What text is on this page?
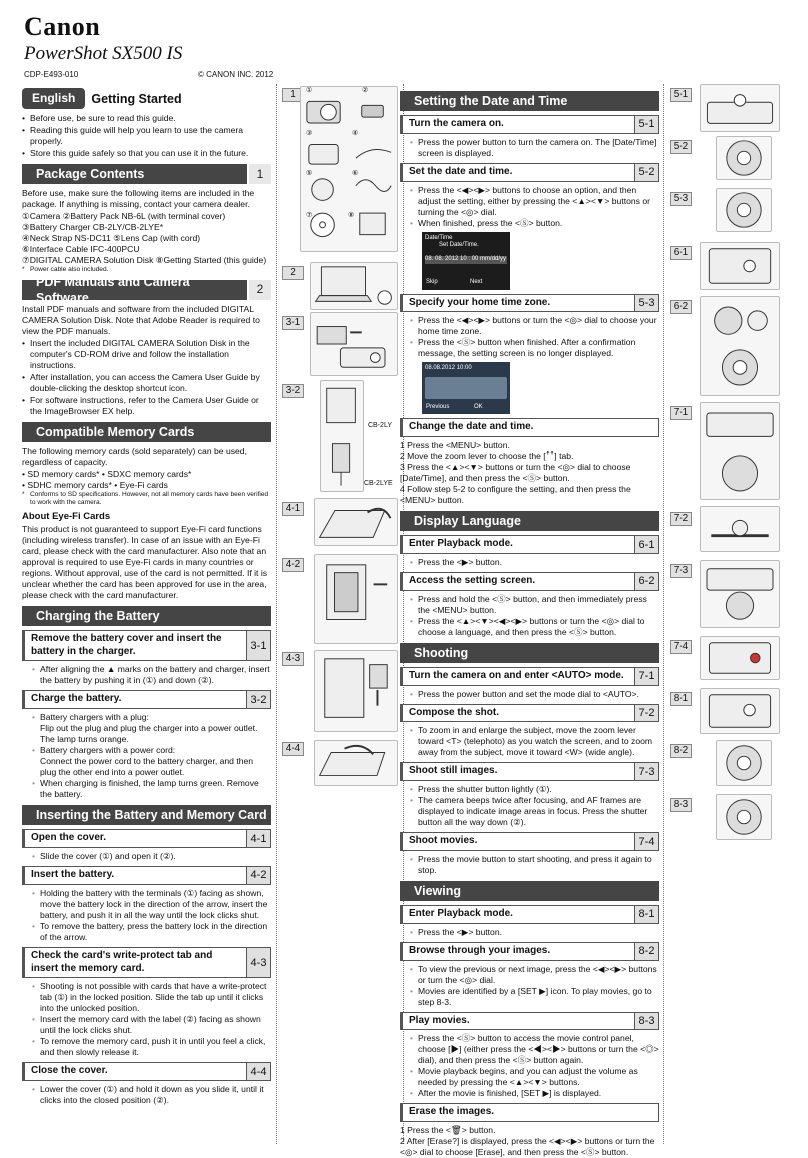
Canon
PowerShot SX500 IS
CDP-E493-010	© CANON INC. 2012
English	Getting Started
• Before use, be sure to read this guide.
• Reading this guide will help you learn to use the camera properly.
• Store this guide safely so that you can use it in the future.
Package Contents	1
Before use, make sure the following items are included in the package. If anything is missing, contact your camera dealer.
①Camera ②Battery Pack NB-6L (with terminal cover)
③Battery Charger CB-2LY/CB-2LYE*
④Neck Strap NS-DC11 ⑤Lens Cap (with cord)
⑥Interface Cable IFC-400PCU
⑦DIGITAL CAMERA Solution Disk ⑧Getting Started (this guide)
* Power cable also included.
PDF Manuals and Camera Software
2
Install PDF manuals and software from the included DIGITAL CAMERA Solution Disk. Note that Adobe Reader is required to view the PDF manuals.
• Insert the included DIGITAL CAMERA Solution Disk in the computer's CD-ROM drive and follow the installation instructions.
• After installation, you can access the Camera User Guide by double-clicking the desktop shortcut icon.
• For software instructions, refer to the Camera User Guide or the ImageBrowser EX help.
Compatible Memory Cards
The following memory cards (sold separately) can be used, regardless of capacity.
• SD memory cards* • SDXC memory cards*
• SDHC memory cards* • Eye-Fi cards
* Conforms to SD specifications. However, not all memory cards have been verified to work with the camera.
About Eye-Fi Cards
This product is not guaranteed to support Eye-Fi card functions (including wireless transfer). In case of an issue with an Eye-Fi card, please check with the card manufacturer. Also note that an approval is required to use Eye-Fi cards in many countries or regions. Without approval, use of the card is not permitted. If it is unclear whether the card has been approved for use in the area, please check with the card manufacturer.
Charging the Battery
Remove the battery cover and insert the battery in the charger.	3-1
• After aligning the ▲ marks on the battery and charger, insert the battery by pushing it in (①) and down (②).
Charge the battery.	3-2
• Battery chargers with a plug:
Flip out the plug and plug the charger into a power outlet. The lamp turns orange.
• Battery chargers with a power cord:
Connect the power cord to the battery charger, and then plug the other end into a power outlet.
• When charging is finished, the lamp turns green. Remove the battery.
Inserting the Battery and Memory Card
Open the cover.	4-1
• Slide the cover (①) and open it (②).
Insert the battery.	4-2
• Holding the battery with the terminals (①) facing as shown, move the battery lock in the direction of the arrow, insert the battery, and push it in all the way until the lock clicks shut.
• To remove the battery, press the battery lock in the direction of the arrow.
Check the card's write-protect tab and insert the memory card.	4-3
• Shooting is not possible with cards that have a write-protect tab (①) in the locked position. Slide the tab up until it clicks into the unlocked position.
• Insert the memory card with the label (②) facing as shown until the lock clicks shut.
• To remove the memory card, push it in until you feel a click, and then slowly release it.
Close the cover.	4-4
• Lower the cover (①) and hold it down as you slide it, until it clicks into the closed position (②).
1	①	②
③	④
⑤	⑥
⑦	⑧
2
3-1
3-2
CB-2LY
CB-2LYE
4-1
4-2
4-3
4-4
Setting the Date and Time
Turn the camera on.	5-1
• Press the power button to turn the camera on. The [Date/Time] screen is displayed.
Set the date and time.	5-2
• Press the <◀><▶> buttons to choose an option, and then adjust the setting, either by pressing the <▲><▼> buttons or turning the <◎> dial.
• When finished, press the <Ⓢ> button.
Date/Time
Set Date/Time.
08. 08. 2012 10 : 00 mm/dd/yy
Skip	Next
Specify your home time zone.	5-3
• Press the <◀><▶> buttons or turn the <◎> dial to choose your home time zone.
• Press the <Ⓢ> button when finished. After a confirmation message, the setting screen is no longer displayed.
08.08.2012 10:00
Previous	OK
Change the date and time.
1 Press the <MENU> button.
2 Move the zoom lever to choose the [ꜛꜛ] tab.
3 Press the <▲><▼> buttons or turn the <◎> dial to choose [Date/Time], and then press the <Ⓢ> button.
4 Follow step 5-2 to configure the setting, and then press the <MENU> button.
Display Language
Enter Playback mode.	6-1
• Press the <▶> button.
Access the setting screen.	6-2
• Press and hold the <Ⓢ> button, and then immediately press the <MENU> button.
• Press the <▲><▼><◀><▶> buttons or turn the <◎> dial to choose a language, and then press the <Ⓢ> button.
Shooting
Turn the camera on and enter <AUTO> mode.	7-1
• Press the power button and set the mode dial to <AUTO>.
Compose the shot.	7-2
• To zoom in and enlarge the subject, move the zoom lever toward <T> (telephoto) as you watch the screen, and to zoom away from the subject, move it toward <W> (wide angle).
Shoot still images.	7-3
• Press the shutter button lightly (①).
• The camera beeps twice after focusing, and AF frames are displayed to indicate image areas in focus. Press the shutter button all the way down (②).
Shoot movies.	7-4
• Press the movie button to start shooting, and press it again to stop.
Viewing
Enter Playback mode.	8-1
• Press the <▶> button.
Browse through your images.	8-2
• To view the previous or next image, press the <◀><▶> buttons or turn the <◎> dial.
• Movies are identified by a [SET ▶] icon. To play movies, go to step 8-3.
Play movies.	8-3
• Press the <Ⓢ> button to access the movie control panel, choose [▶] (either press the <◀><▶> buttons or turn the <◎> dial), and then press the <Ⓢ> button again.
• Movie playback begins, and you can adjust the volume as needed by pressing the <▲><▼> buttons.
• After the movie is finished, [SET ▶] is displayed.
Erase the images.
1 Press the <🗑> button.
2 After [Erase?] is displayed, press the <◀><▶> buttons or turn the <◎> dial to choose [Erase], and then press the <Ⓢ> button.
5-1
5-2
5-3
6-1
6-2
7-1
7-2
7-3
7-4
8-1
8-2
8-3
